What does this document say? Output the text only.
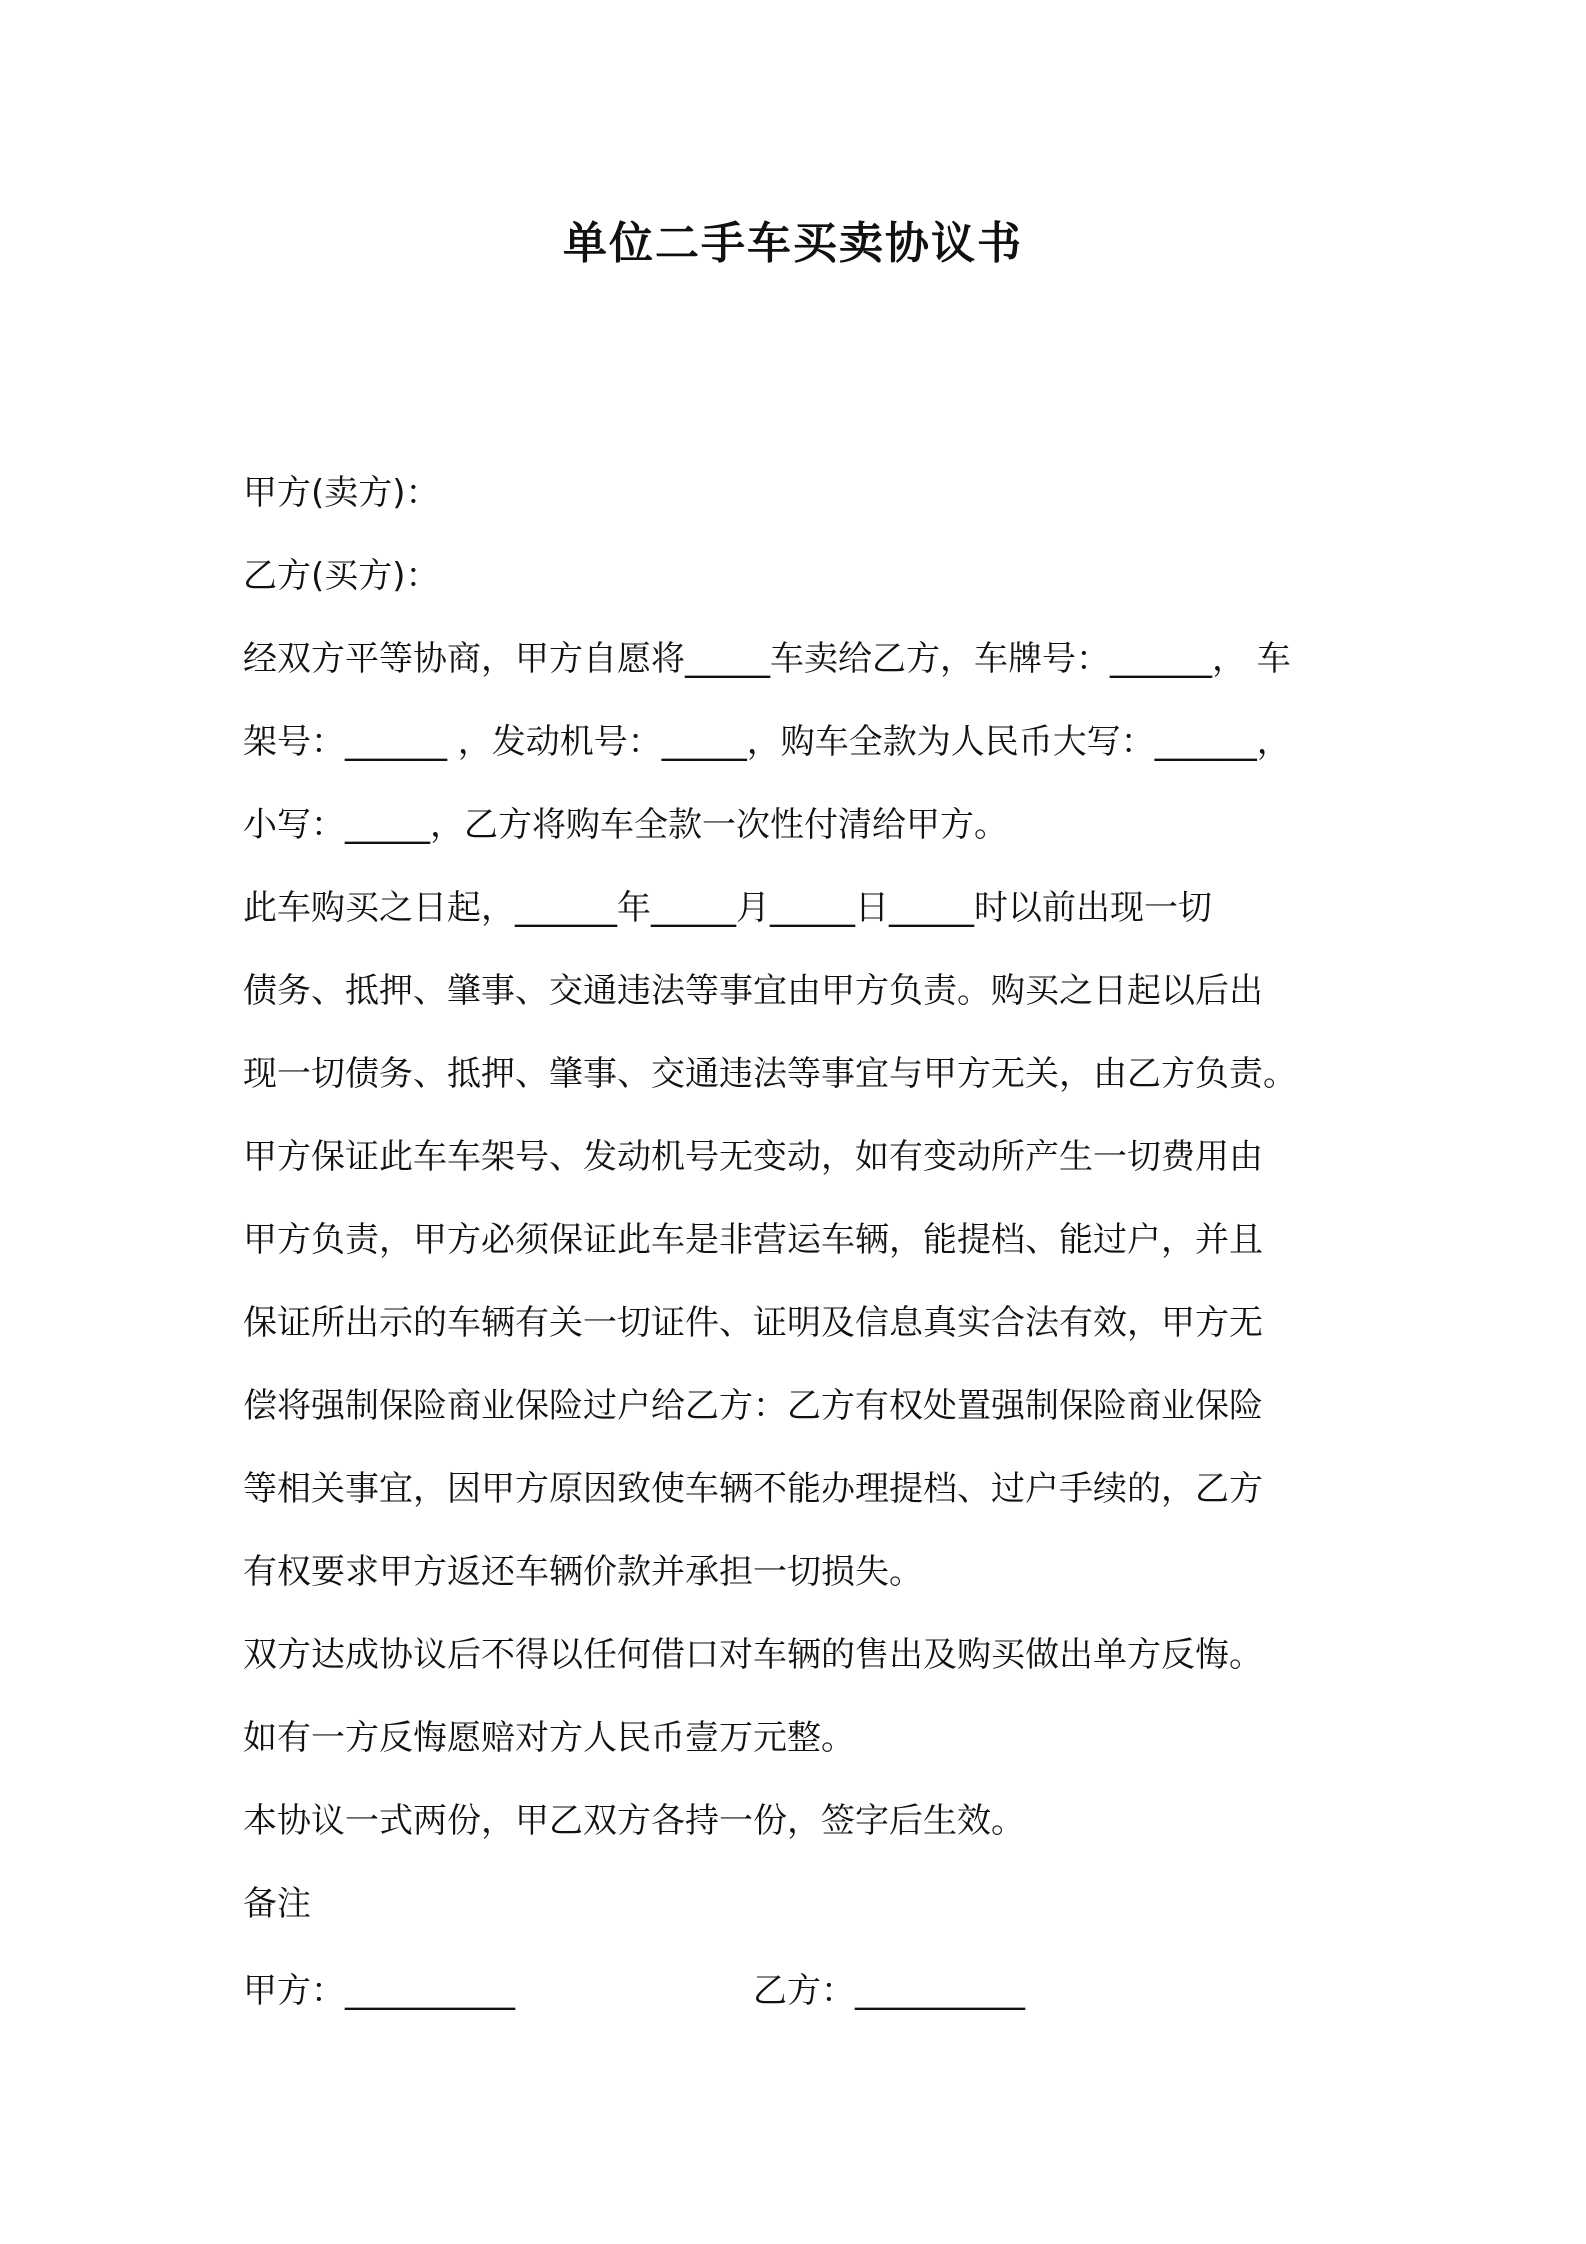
单位二手车买卖协议书
甲方(卖方)：
乙方(买方)：
经双方平等协商，甲方自愿将_____车卖给乙方，车牌号：______， 车
架号：______ ，发动机号：_____，购车全款为人民币大写：______，
小写：_____，乙方将购车全款一次性付清给甲方。
此车购买之日起，______年_____月_____日_____时以前出现一切
债务、抵押、肇事、交通违法等事宜由甲方负责。购买之日起以后出
现一切债务、抵押、肇事、交通违法等事宜与甲方无关，由乙方负责。
甲方保证此车车架号、发动机号无变动，如有变动所产生一切费用由
甲方负责，甲方必须保证此车是非营运车辆，能提档、能过户，并且
保证所出示的车辆有关一切证件、证明及信息真实合法有效，甲方无
偿将强制保险商业保险过户给乙方：乙方有权处置强制保险商业保险
等相关事宜，因甲方原因致使车辆不能办理提档、过户手续的，乙方
有权要求甲方返还车辆价款并承担一切损失。
双方达成协议后不得以任何借口对车辆的售出及购买做出单方反悔。
如有一方反悔愿赔对方人民币壹万元整。
本协议一式两份，甲乙双方各持一份，签字后生效。
备注
甲方：__________	乙方：__________
